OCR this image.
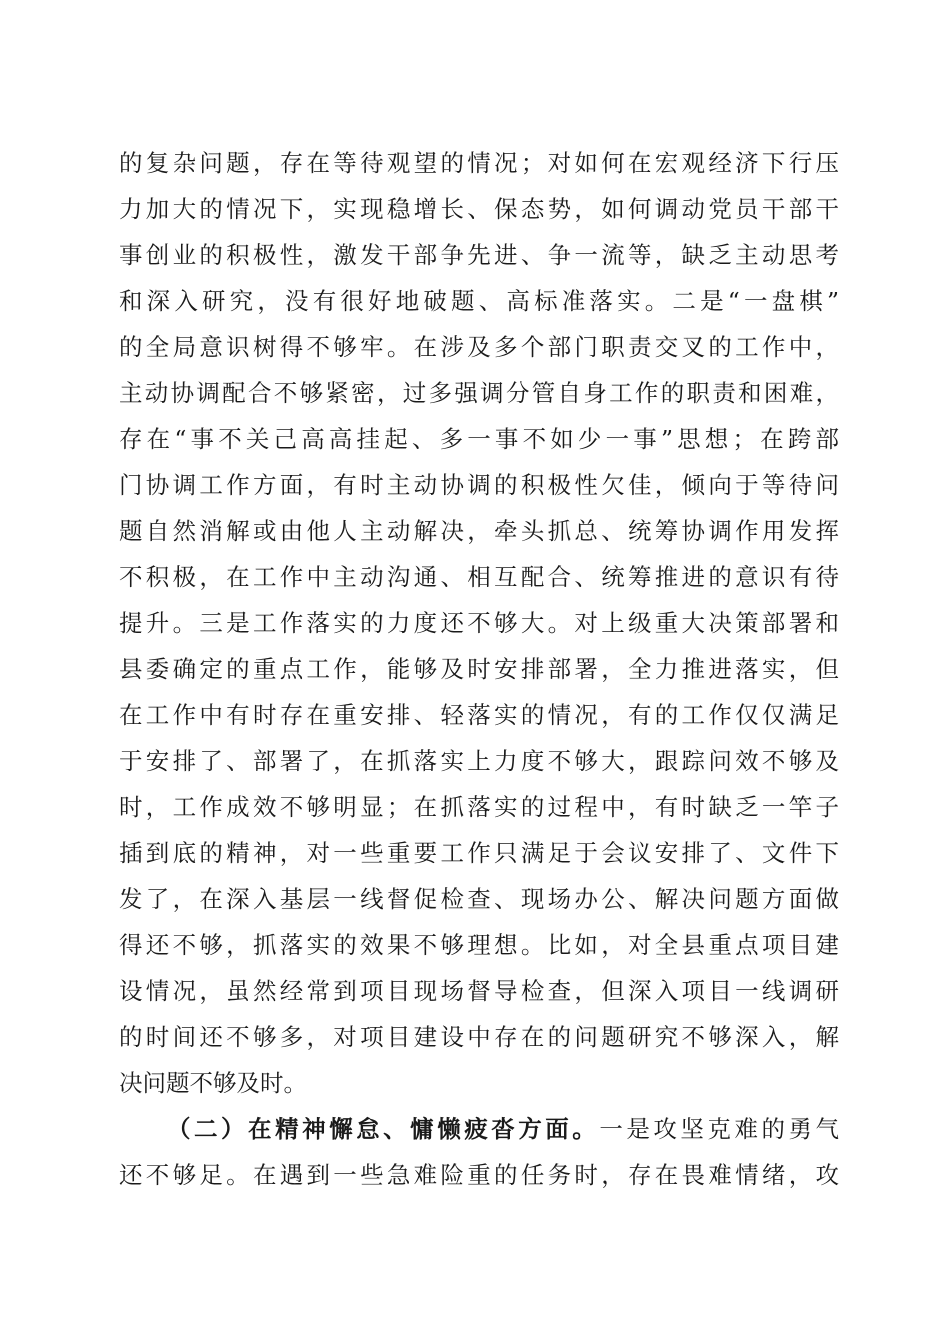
的复杂问题，存在等待观望的情况；对如何在宏观经济下行压
力加大的情况下，实现稳增长、保态势，如何调动党员干部干
事创业的积极性，激发干部争先进、争一流等，缺乏主动思考
和深入研究，没有很好地破题、高标准落实。二是“一盘棋”
的全局意识树得不够牢。在涉及多个部门职责交叉的工作中，
主动协调配合不够紧密，过多强调分管自身工作的职责和困难，
存在“事不关己高高挂起、多一事不如少一事”思想；在跨部
门协调工作方面，有时主动协调的积极性欠佳，倾向于等待问
题自然消解或由他人主动解决，牵头抓总、统筹协调作用发挥
不积极，在工作中主动沟通、相互配合、统筹推进的意识有待
提升。三是工作落实的力度还不够大。对上级重大决策部署和
县委确定的重点工作，能够及时安排部署，全力推进落实，但
在工作中有时存在重安排、轻落实的情况，有的工作仅仅满足
于安排了、部署了，在抓落实上力度不够大，跟踪问效不够及
时，工作成效不够明显；在抓落实的过程中，有时缺乏一竿子
插到底的精神，对一些重要工作只满足于会议安排了、文件下
发了，在深入基层一线督促检查、现场办公、解决问题方面做
得还不够，抓落实的效果不够理想。比如，对全县重点项目建
设情况，虽然经常到项目现场督导检查，但深入项目一线调研
的时间还不够多，对项目建设中存在的问题研究不够深入，解
决问题不够及时。
（二）在精神懈怠、慵懒疲沓方面。一是攻坚克难的勇气
还不够足。在遇到一些急难险重的任务时，存在畏难情绪，攻
